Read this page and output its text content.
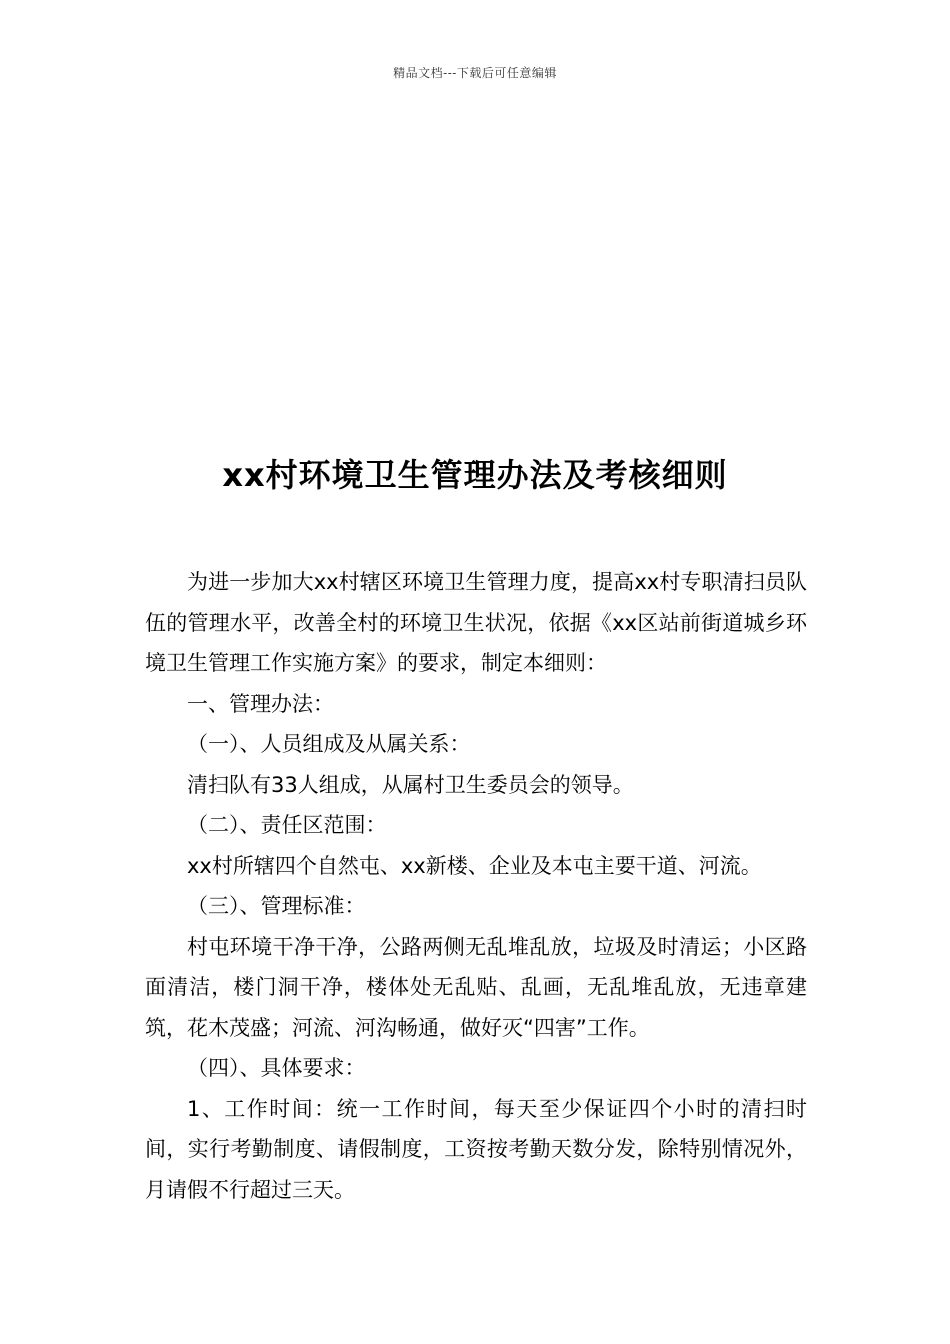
精品文档---下载后可任意编辑
xx村环境卫生管理办法及考核细则

为进一步加大xx村辖区环境卫生管理力度，提高xx村专职清扫员队伍的管理水平，改善全村的环境卫生状况，依据《xx区站前街道城乡环境卫生管理工作实施方案》的要求，制定本细则：

一、管理办法：

（一）、人员组成及从属关系：

清扫队有33人组成，从属村卫生委员会的领导。

（二）、责任区范围：

xx村所辖四个自然屯、xx新楼、企业及本屯主要干道、河流。

（三）、管理标准：

村屯环境干净干净，公路两侧无乱堆乱放，垃圾及时清运；小区路面清洁，楼门洞干净，楼体处无乱贴、乱画，无乱堆乱放，无违章建筑，花木茂盛；河流、河沟畅通，做好灭“四害”工作。

（四）、具体要求：

1、工作时间：统一工作时间，每天至少保证四个小时的清扫时间，实行考勤制度、请假制度，工资按考勤天数分发，除特别情况外，月请假不行超过三天。
